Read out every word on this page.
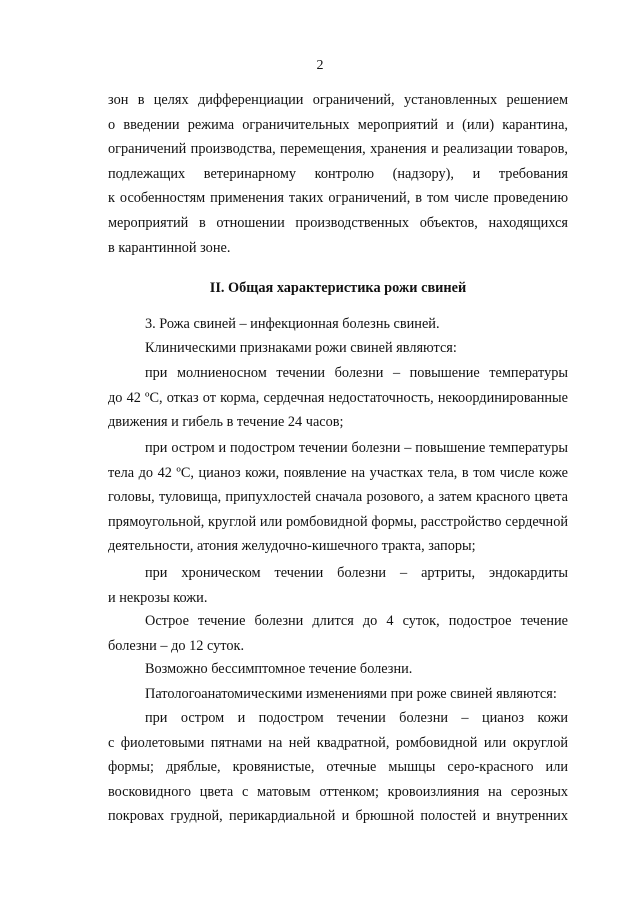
2
зон в целях дифференциации ограничений, установленных решением
о введении режима ограничительных мероприятий и (или) карантина,
ограничений производства, перемещения, хранения и реализации товаров,
подлежащих ветеринарному контролю (надзору), и требования
к особенностям применения таких ограничений, в том числе проведению
мероприятий в отношении производственных объектов, находящихся
в карантинной зоне.
II. Общая характеристика рожи свиней
3. Рожа свиней – инфекционная болезнь свиней.
Клиническими признаками рожи свиней являются:
при молниеносном течении болезни – повышение температуры
до 42 ºС, отказ от корма, сердечная недостаточность, некоординированные
движения и гибель в течение 24 часов;
при остром и подостром течении болезни – повышение температуры
тела до 42 ºС, цианоз кожи, появление на участках тела, в том числе коже
головы, туловища, припухлостей сначала розового, а затем красного цвета
прямоугольной, круглой или ромбовидной формы, расстройство сердечной
деятельности, атония желудочно-кишечного тракта, запоры;
при хроническом течении болезни – артриты, эндокардиты
и некрозы кожи.
Острое течение болезни длится до 4 суток, подострое течение
болезни – до 12 суток.
Возможно бессимптомное течение болезни.
Патологоанатомическими изменениями при роже свиней являются:
при остром и подостром течении болезни – цианоз кожи
с фиолетовыми пятнами на ней квадратной, ромбовидной или округлой
формы; дряблые, кровянистые, отечные мышцы серо-красного или
восковидного цвета с матовым оттенком; кровоизлияния на серозных
покровах грудной, перикардиальной и брюшной полостей и внутренних
